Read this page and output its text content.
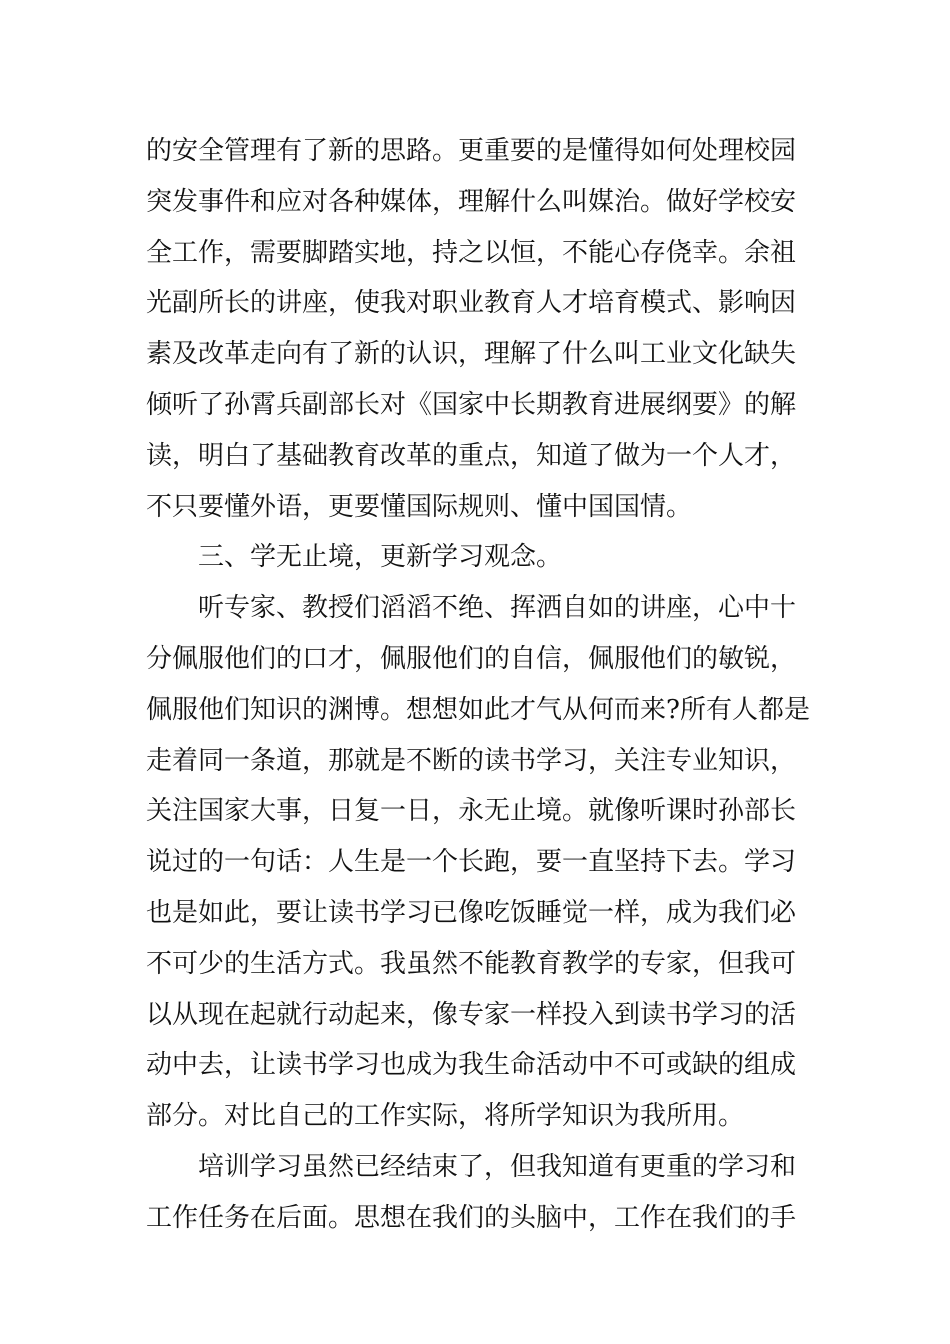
的安全管理有了新的思路。更重要的是懂得如何处理校园
突发事件和应对各种媒体，理解什么叫媒治。做好学校安
全工作，需要脚踏实地，持之以恒，不能心存侥幸。余祖
光副所长的讲座，使我对职业教育人才培育模式、影响因
素及改革走向有了新的认识，理解了什么叫工业文化缺失
倾听了孙霄兵副部长对《国家中长期教育进展纲要》的解
读，明白了基础教育改革的重点，知道了做为一个人才，
不只要懂外语，更要懂国际规则、懂中国国情。
三、学无止境，更新学习观念。
听专家、教授们滔滔不绝、挥洒自如的讲座，心中十
分佩服他们的口才，佩服他们的自信，佩服他们的敏锐，
佩服他们知识的渊博。想想如此才气从何而来?所有人都是
走着同一条道，那就是不断的读书学习，关注专业知识，
关注国家大事，日复一日，永无止境。就像听课时孙部长
说过的一句话：人生是一个长跑，要一直坚持下去。学习
也是如此，要让读书学习已像吃饭睡觉一样，成为我们必
不可少的生活方式。我虽然不能教育教学的专家，但我可
以从现在起就行动起来，像专家一样投入到读书学习的活
动中去，让读书学习也成为我生命活动中不可或缺的组成
部分。对比自己的工作实际，将所学知识为我所用。
培训学习虽然已经结束了，但我知道有更重的学习和
工作任务在后面。思想在我们的头脑中，工作在我们的手
